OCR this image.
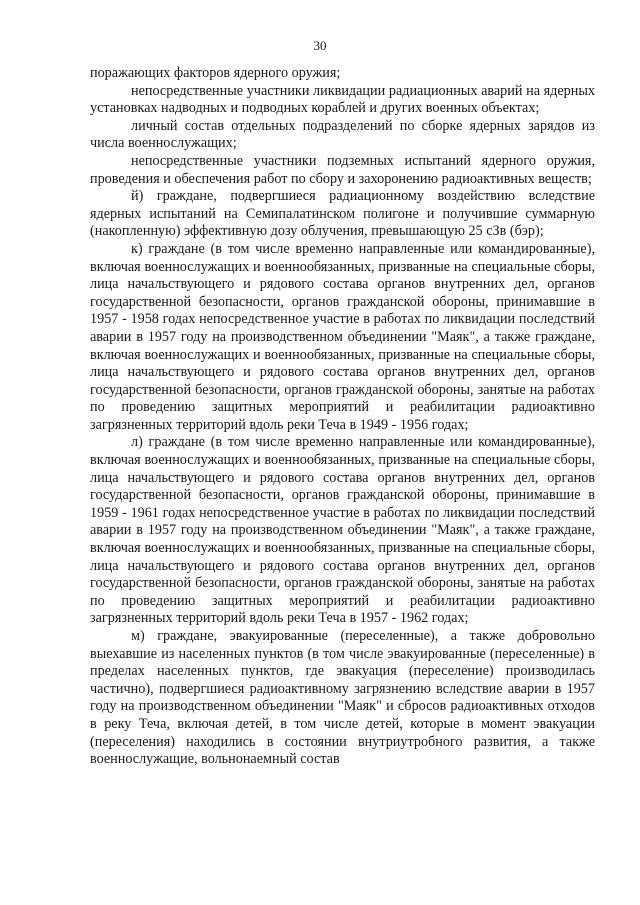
30

поражающих факторов ядерного оружия;

непосредственные участники ликвидации радиационных аварий на ядерных установках надводных и подводных кораблей и других военных объектах;

личный состав отдельных подразделений по сборке ядерных зарядов из числа военнослужащих;

непосредственные участники подземных испытаний ядерного оружия, проведения и обеспечения работ по сбору и захоронению радиоактивных веществ;

й) граждане, подвергшиеся радиационному воздействию вследствие ядерных испытаний на Семипалатинском полигоне и получившие суммарную (накопленную) эффективную дозу облучения, превышающую 25 сЗв (бэр);

к) граждане (в том числе временно направленные или командированные), включая военнослужащих и военнообязанных, призванные на специальные сборы, лица начальствующего и рядового состава органов внутренних дел, органов государственной безопасности, органов гражданской обороны, принимавшие в 1957 - 1958 годах непосредственное участие в работах по ликвидации последствий аварии в 1957 году на производственном объединении "Маяк", а также граждане, включая военнослужащих и военнообязанных, призванные на специальные сборы, лица начальствующего и рядового состава органов внутренних дел, органов государственной безопасности, органов гражданской обороны, занятые на работах по проведению защитных мероприятий и реабилитации радиоактивно загрязненных территорий вдоль реки Теча в 1949 - 1956 годах;

л) граждане (в том числе временно направленные или командированные), включая военнослужащих и военнообязанных, призванные на специальные сборы, лица начальствующего и рядового состава органов внутренних дел, органов государственной безопасности, органов гражданской обороны, принимавшие в 1959 - 1961 годах непосредственное участие в работах по ликвидации последствий аварии в 1957 году на производственном объединении "Маяк", а также граждане, включая военнослужащих и военнообязанных, призванные на специальные сборы, лица начальствующего и рядового состава органов внутренних дел, органов государственной безопасности, органов гражданской обороны, занятые на работах по проведению защитных мероприятий и реабилитации радиоактивно загрязненных территорий вдоль реки Теча в 1957 - 1962 годах;

м) граждане, эвакуированные (переселенные), а также добровольно выехавшие из населенных пунктов (в том числе эвакуированные (переселенные) в пределах населенных пунктов, где эвакуация (переселение) производилась частично), подвергшиеся радиоактивному загрязнению вследствие аварии в 1957 году на производственном объединении "Маяк" и сбросов радиоактивных отходов в реку Теча, включая детей, в том числе детей, которые в момент эвакуации (переселения) находились в состоянии внутриутробного развития, а также военнослужащие, вольнонаемный состав
